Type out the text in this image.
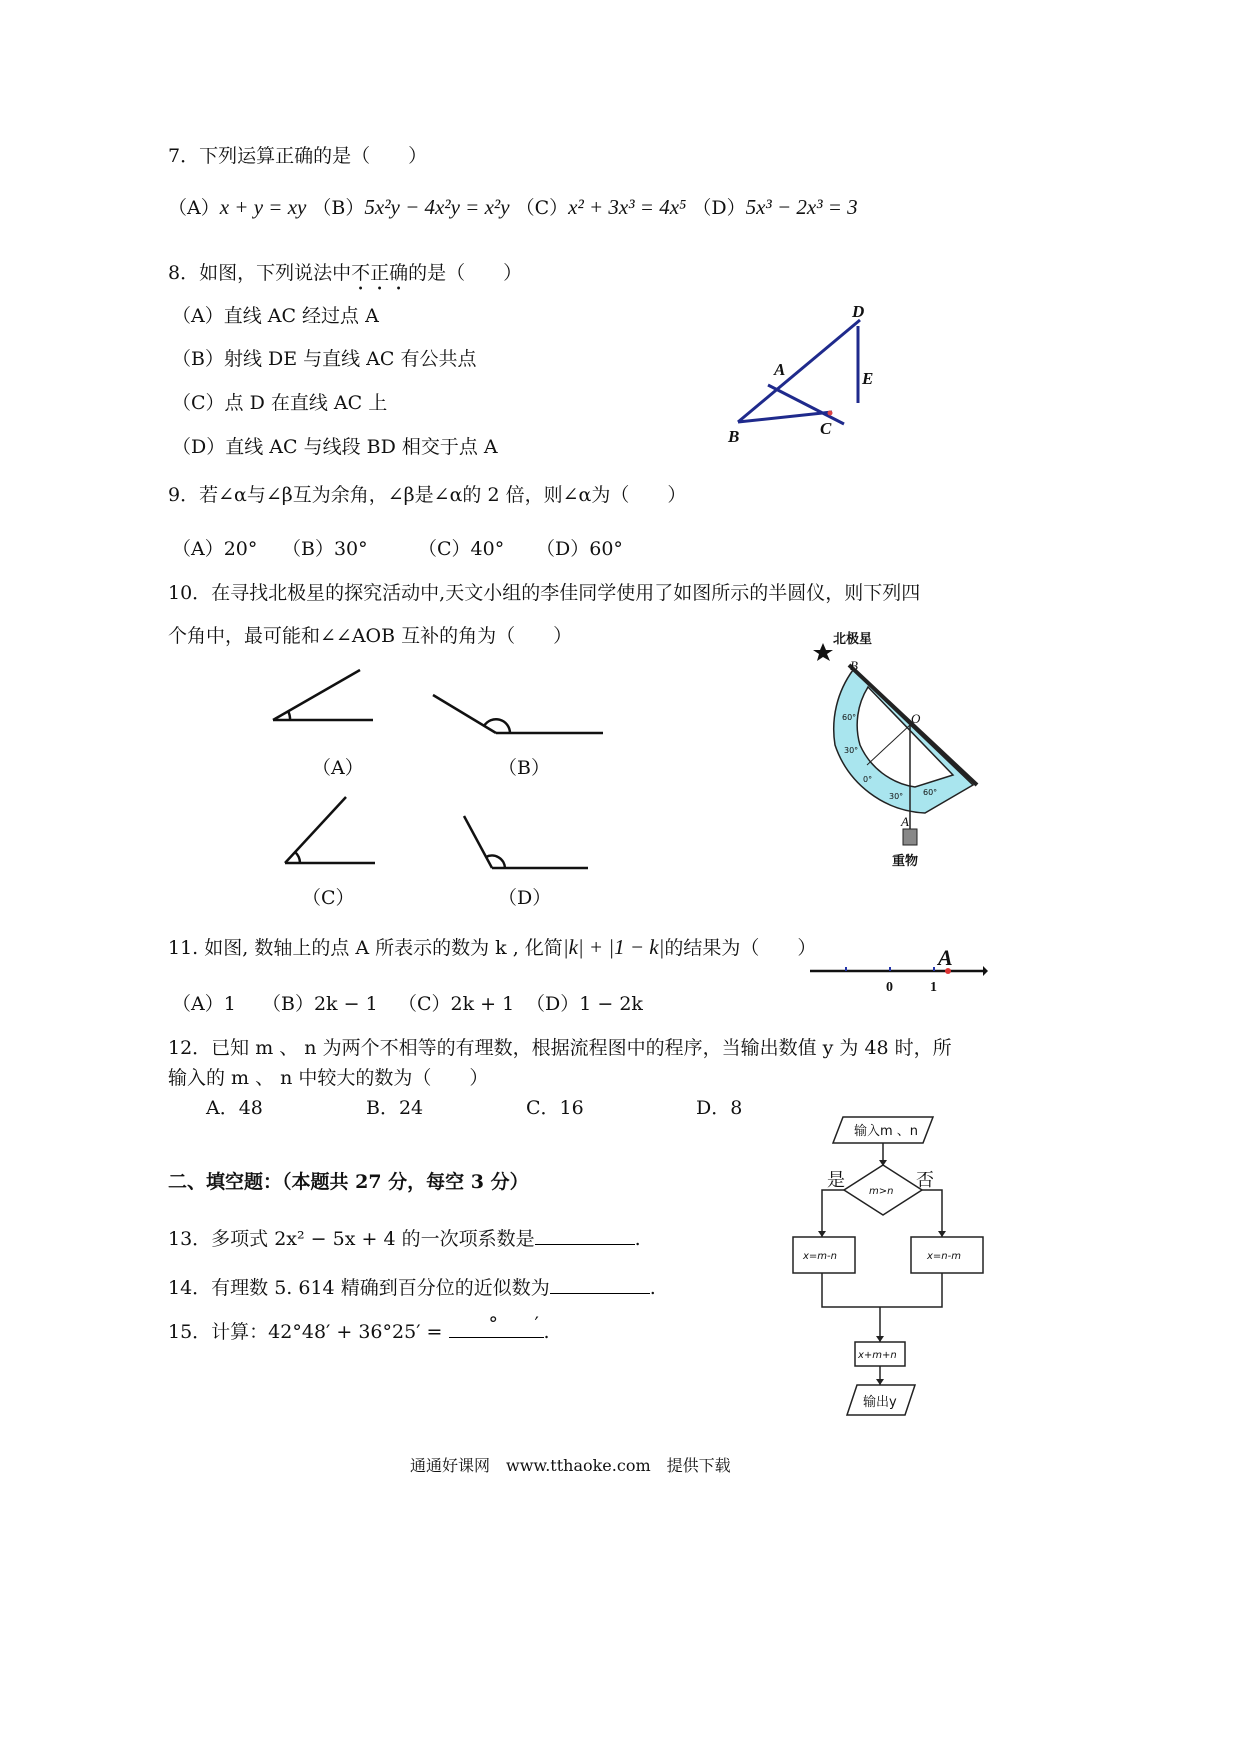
7．下列运算正确的是（　　）
（A）x + y = xy （B）5x²y − 4x²y = x²y （C）x² + 3x³ = 4x⁵ （D）5x³ − 2x³ = 3
8．如图，下列说法中不正确的是（　　）
（A）直线 AC 经过点 A
（B）射线 DE 与直线 AC 有公共点
（C）点 D 在直线 AC 上
（D）直线 AC 与线段 BD 相交于点 A
D
A	E
B	C
9．若∠α与∠β互为余角，∠β是∠α的 2 倍，则∠α为（　　）
（A）20° （B）30°	（C）40° （D）60°
10．在寻找北极星的探究活动中,天文小组的李佳同学使用了如图所示的半圆仪，则下列四
个角中，最可能和∠∠AOB 互补的角为（　　）
（A）	（B）
（C）	（D）
北极星
重物
B
O
A
60°
30°
0°
30° 60°
11. 如图, 数轴上的点 A 所表示的数为 k , 化简|k| + |1 − k|的结果为（　　）
（A）1 （B）2k − 1 （C）2k + 1 （D）1 − 2k
A
0	1
12．已知 m 、 n 为两个不相等的有理数，根据流程图中的程序，当输出数值 y 为 48 时，所
输入的 m 、 n 中较大的数为（　　）
A．48	B．24	C．16	D．8
输入m 、n
m>n
是	否
x=m-n	x=n-m
x+m+n
输出y
二、填空题：（本题共 27 分，每空 3 分）
13．多项式 2x² − 5x + 4 的一次项系数是	.
14．有理数 5. 614 精确到百分位的近似数为	.
15．计算：42°48′ + 36°25′ = ° ′ .
通通好课网　www.tthaoke.com　提供下载
